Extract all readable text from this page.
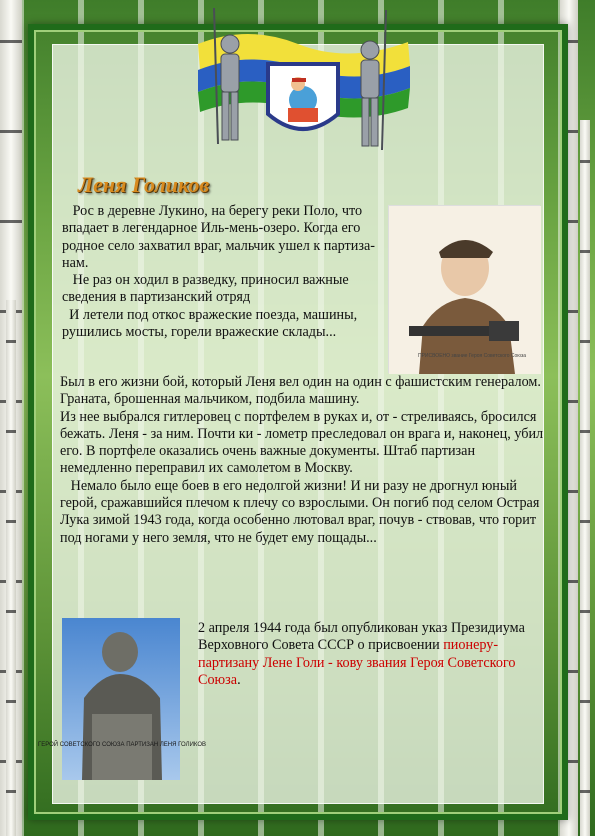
Леня Голиков
ПРИСВОЕНО звание Героя Советского Союза
Рос в деревне Лукино, на берегу реки Поло, что впадает в легендарное Иль-мень-озеро. Когда его родное село захватил враг, мальчик ушел к партиза-нам.
Не раз он ходил в разведку, приносил важные сведения в партизанский отряд
И летели под откос вражеские поезда, машины, рушились мосты, горели вражеские склады...
Был в его жизни бой, который Леня вел один на один с фашистским генералом. Граната, брошенная мальчиком, подбила машину.
Из нее выбрался гитлеровец с портфелем в руках и, от - стреливаясь, бросился бежать. Леня - за ним. Почти ки - лометр преследовал он врага и, наконец, убил его. В портфеле оказались очень важные документы. Штаб партизан немедленно переправил их самолетом в Москву.
Немало было еще боев в его недолгой жизни! И ни разу не дрогнул юный герой, сражавшийся плечом к плечу со взрослыми. Он погиб под селом Острая Лука зимой 1943 года, когда особенно лютовал враг, почув - ствовав, что горит под ногами у него земля, что не будет ему пощады...
ГЕРОЙ СОВЕТСКОГО СОЮЗА ПАРТИЗАН ЛЕНЯ ГОЛИКОВ
2 апреля 1944 года был опубликован указ Президиума Верховного Совета СССР о присвоении пионеру-партизану Лене Голи - кову звания Героя Советского Союза.
